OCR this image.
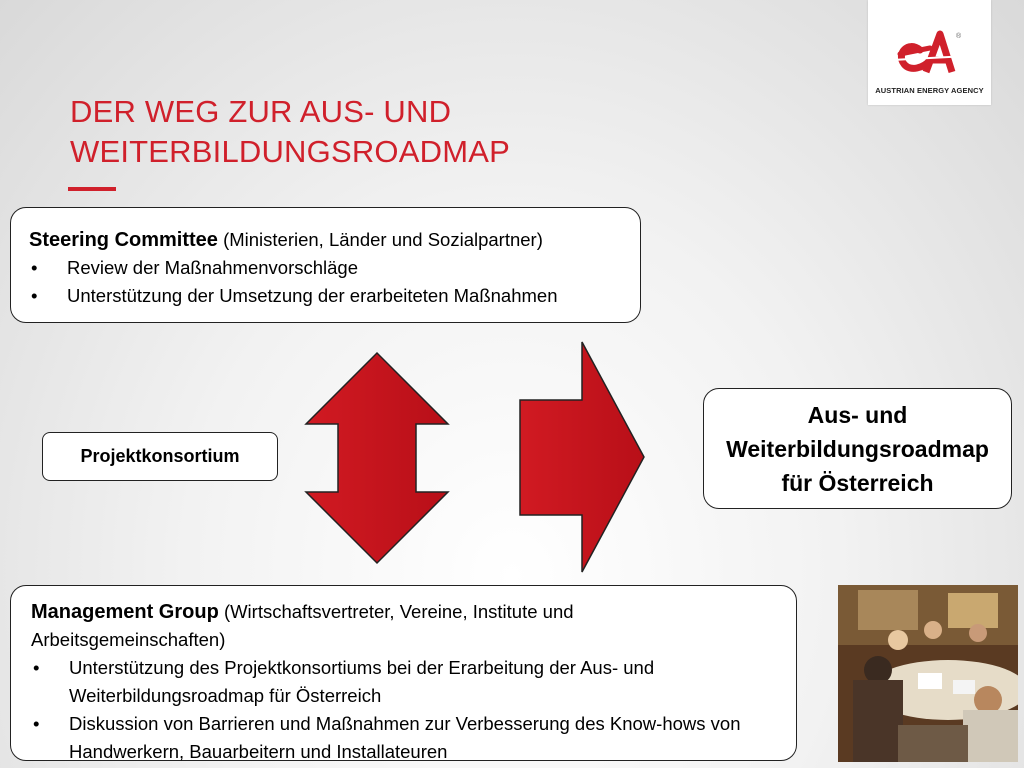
®
AUSTRIAN ENERGY AGENCY
DER WEG ZUR AUS- UND
WEITERBILDUNGSROADMAP
Steering Committee (Ministerien, Länder und Sozialpartner)
• Review der Maßnahmenvorschläge
• Unterstützung der Umsetzung der erarbeiteten Maßnahmen
Projektkonsortium
Aus- und
Weiterbildungsroadmap
für Österreich
Management Group (Wirtschaftsvertreter, Vereine, Institute und Arbeitsgemeinschaften)
• Unterstützung des Projektkonsortiums bei der Erarbeitung der Aus- und Weiterbildungsroadmap für Österreich
• Diskussion von Barrieren und Maßnahmen zur Verbesserung des Know-hows von Handwerkern, Bauarbeitern und Installateuren
